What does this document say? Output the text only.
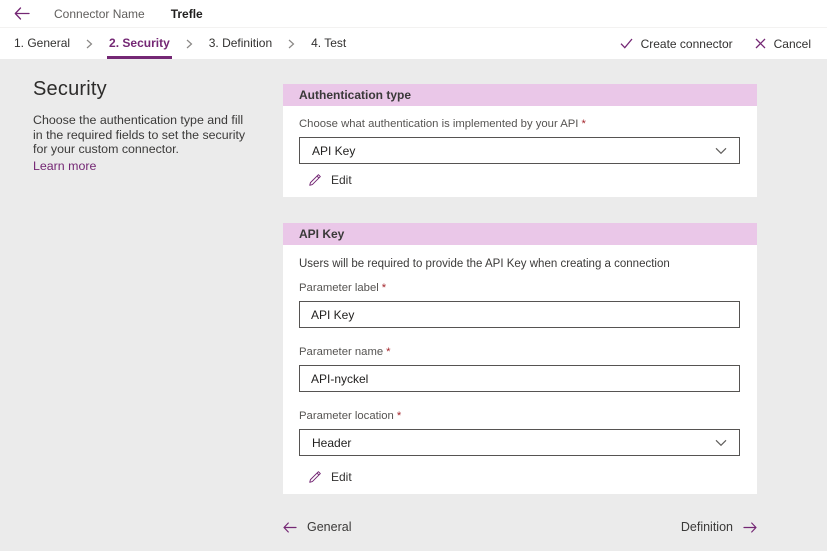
Connector Name Trefle
1. General	2. Security	3. Definition	4. Test	Create connector	Cancel
Security

Choose the authentication type and fill in the required fields to set the security for your custom connector.

Learn more
Authentication type

Choose what authentication is implemented by your API *

API Key
Edit
API Key

Users will be required to provide the API Key when creating a connection

Parameter label *

API Key

Parameter name *

API-nyckel

Parameter location *

Header
Edit
General	Definition
